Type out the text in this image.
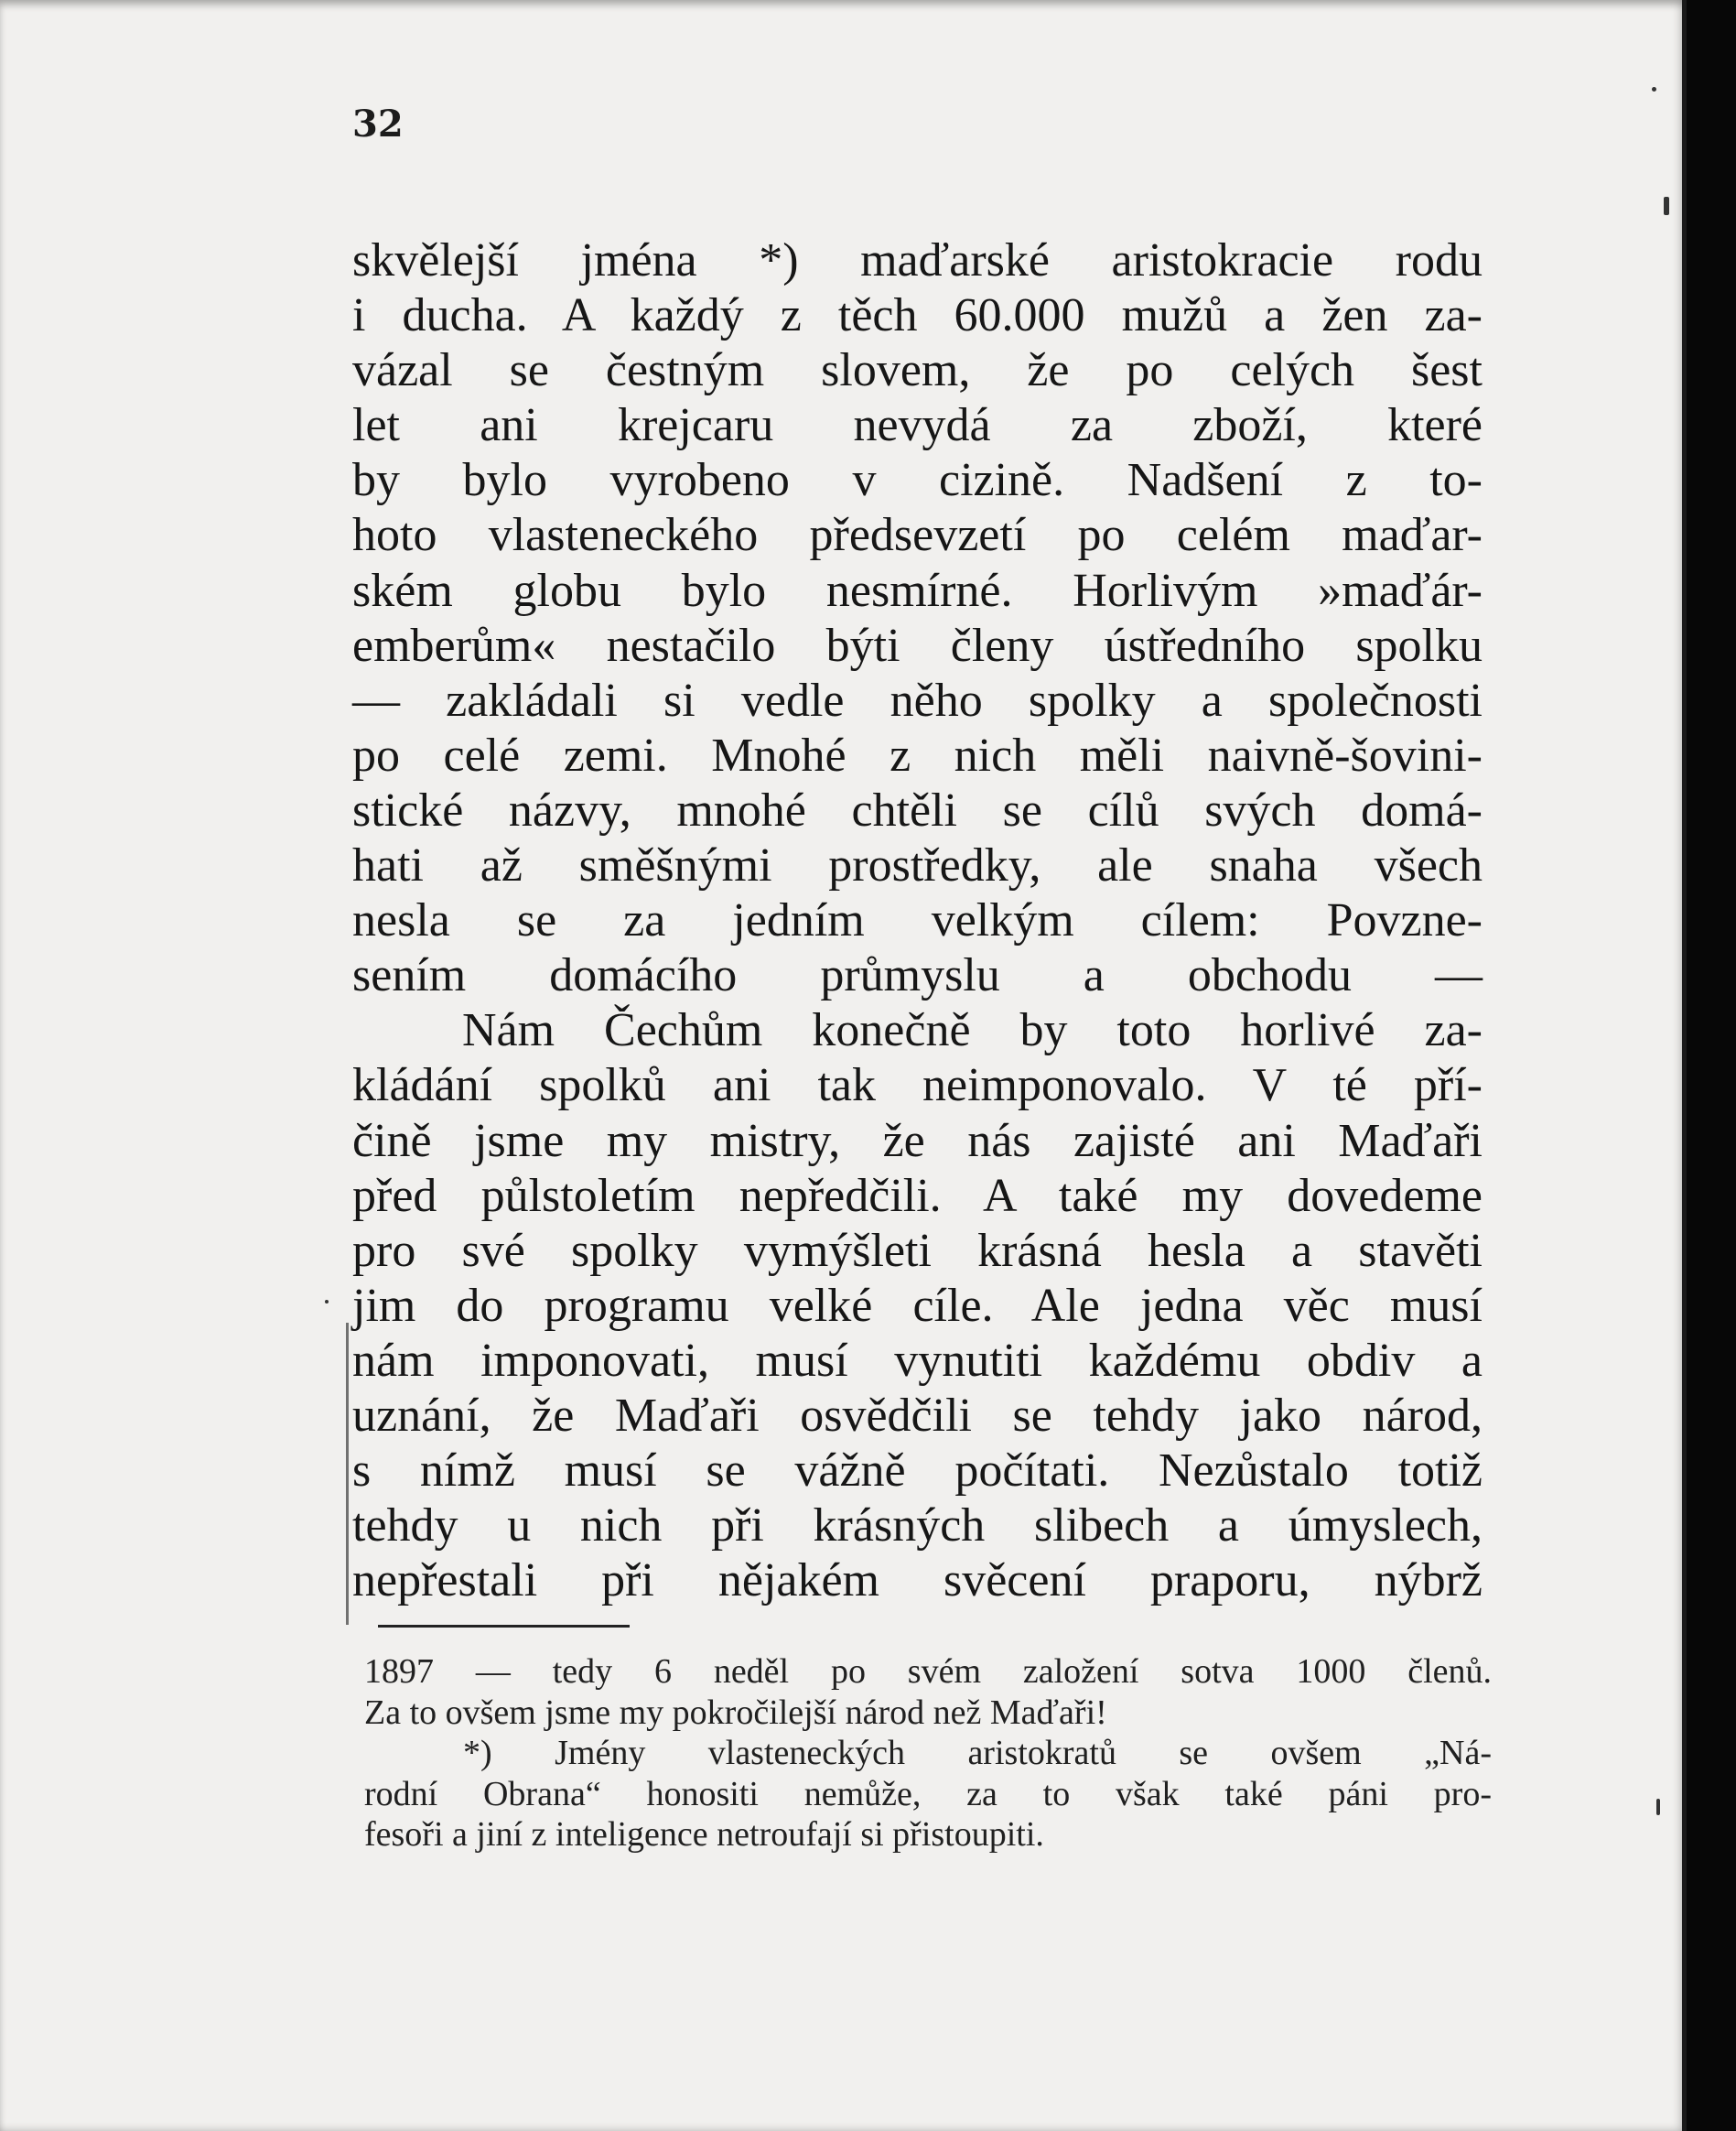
32
skvělejší jména *) maďarské aristokracie rodu
i ducha. A každý z těch 60.000 mužů a žen za-
vázal se čestným slovem, že po celých šest
let ani krejcaru nevydá za zboží, které
by bylo vyrobeno v cizině. Nadšení z to-
hoto vlasteneckého předsevzetí po celém maďar-
ském globu bylo nesmírné. Horlivým »maďár-
emberům« nestačilo býti členy ústředního spolku
— zakládali si vedle něho spolky a společnosti
po celé zemi. Mnohé z nich měli naivně-šovini-
stické názvy, mnohé chtěli se cílů svých domá-
hati až směšnými prostředky, ale snaha všech
nesla se za jedním velkým cílem: Povzne-
sením domácího průmyslu a obchodu —
Nám Čechům konečně by toto horlivé za-
kládání spolků ani tak neimponovalo. V té pří-
čině jsme my mistry, že nás zajisté ani Maďaři
před půlstoletím nepředčili. A také my dovedeme
pro své spolky vymýšleti krásná hesla a stavěti
jim do programu velké cíle. Ale jedna věc musí
nám imponovati, musí vynutiti každému obdiv a
uznání, že Maďaři osvědčili se tehdy jako národ,
s nímž musí se vážně počítati. Nezůstalo totiž
tehdy u nich při krásných slibech a úmyslech,
nepřestali při nějakém svěcení praporu, nýbrž
1897 — tedy 6 neděl po svém založení sotva 1000 členů.
Za to ovšem jsme my pokročilejší národ než Maďaři!
*) Jmény vlasteneckých aristokratů se ovšem „Ná-
rodní Obrana“ honositi nemůže, za to však také páni pro-
fesoři a jiní z inteligence netroufají si přistoupiti.
